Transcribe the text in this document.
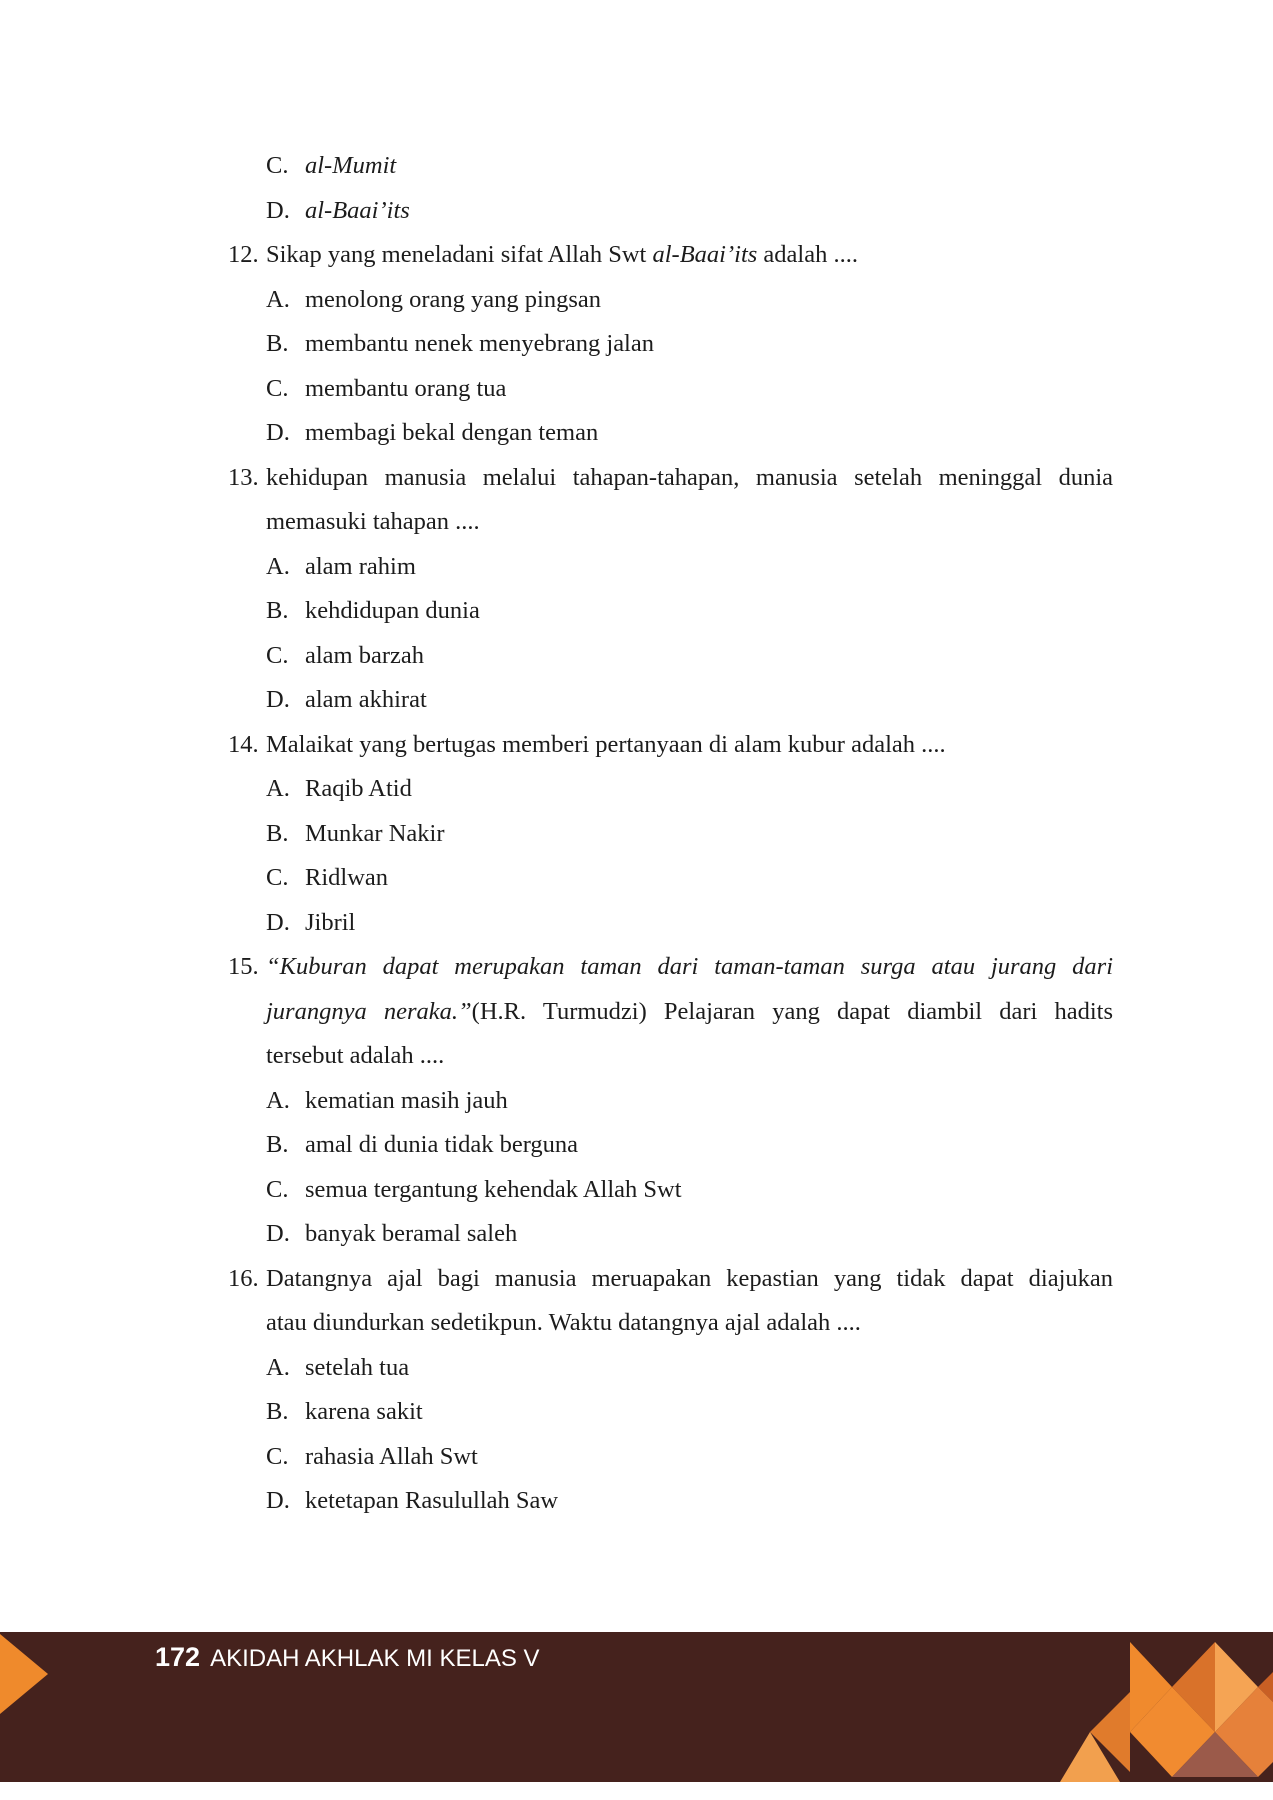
C. al-Mumit
D. al-Baai’its
12. Sikap yang meneladani sifat Allah Swt al-Baai’its adalah ....
A. menolong orang yang pingsan
B. membantu nenek menyebrang jalan
C. membantu orang tua
D. membagi bekal dengan teman
13. kehidupan manusia melalui tahapan-tahapan, manusia setelah meninggal dunia
memasuki tahapan ....
A. alam rahim
B. kehdidupan dunia
C. alam barzah
D. alam akhirat
14. Malaikat yang bertugas memberi pertanyaan di alam kubur adalah ....
A. Raqib Atid
B. Munkar Nakir
C. Ridlwan
D. Jibril
15. “Kuburan dapat merupakan taman dari taman-taman surga atau jurang dari
jurangnya neraka.”(H.R. Turmudzi) Pelajaran yang dapat diambil dari hadits
tersebut adalah ....
A. kematian masih jauh
B. amal di dunia tidak berguna
C. semua tergantung kehendak Allah Swt
D. banyak beramal saleh
16. Datangnya ajal bagi manusia meruapakan kepastian yang tidak dapat diajukan
atau diundurkan sedetikpun. Waktu datangnya ajal adalah ....
A. setelah tua
B. karena sakit
C. rahasia Allah Swt
D. ketetapan Rasulullah Saw
172 AKIDAH AKHLAK MI KELAS V
